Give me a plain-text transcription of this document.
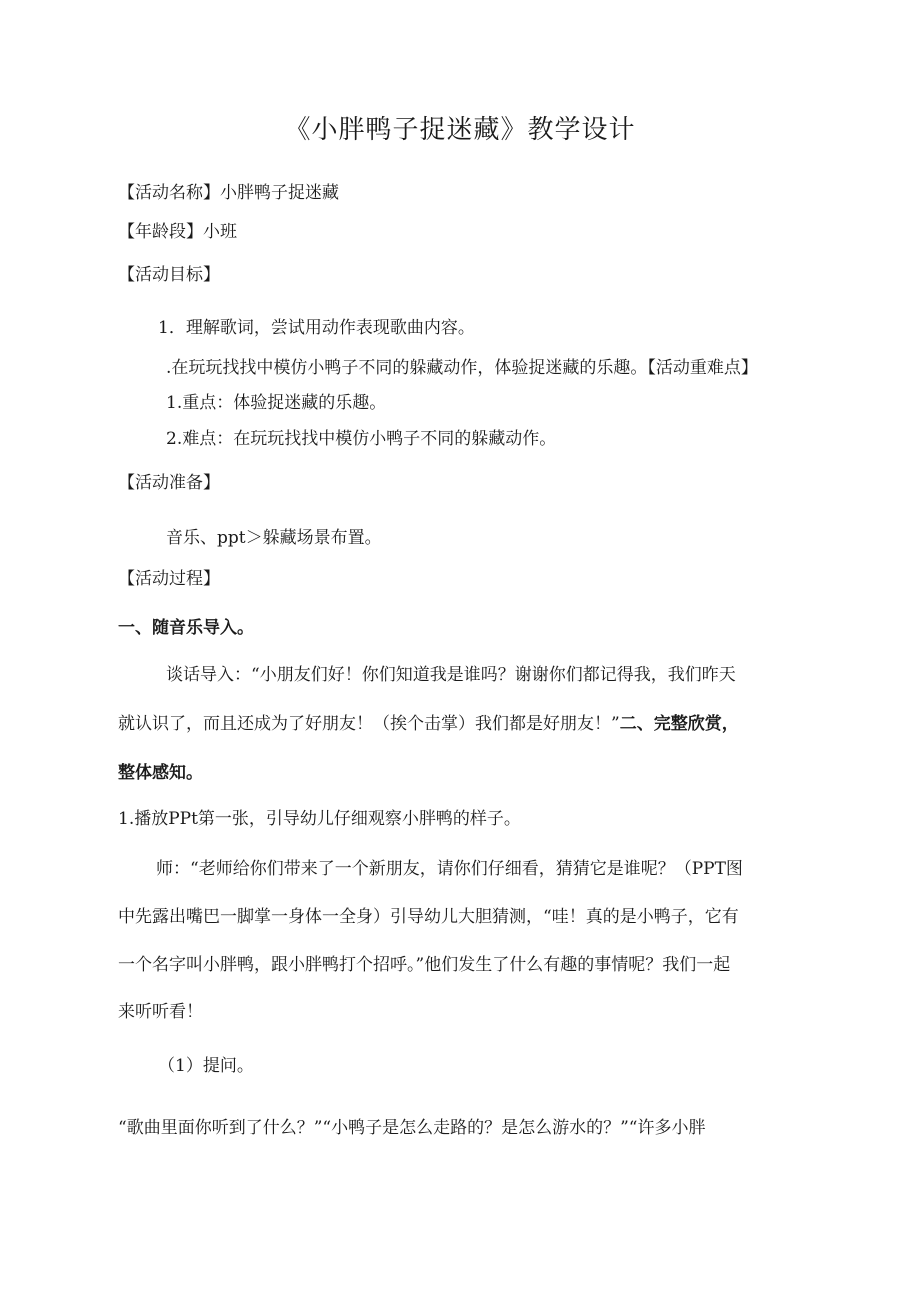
《小胖鸭子捉迷藏》教学设计
【活动名称】小胖鸭子捉迷藏
【年龄段】小班
【活动目标】
1．理解歌词，尝试用动作表现歌曲内容。
.在玩玩找找中模仿小鸭子不同的躲藏动作，体验捉迷藏的乐趣。【活动重难点】
1.重点：体验捉迷藏的乐趣。
2.难点：在玩玩找找中模仿小鸭子不同的躲藏动作。
【活动准备】
音乐、ppt＞躲藏场景布置。
【活动过程】
一、随音乐导入。
谈话导入：“小朋友们好！你们知道我是谁吗？谢谢你们都记得我，我们昨天
就认识了，而且还成为了好朋友！（挨个击掌）我们都是好朋友！”二、完整欣赏，
整体感知。
1.播放PPt第一张，引导幼儿仔细观察小胖鸭的样子。
师：“老师给你们带来了一个新朋友，请你们仔细看，猜猜它是谁呢？（PPT图
中先露出嘴巴一脚掌一身体一全身）引导幼儿大胆猜测，“哇！真的是小鸭子，它有
一个名字叫小胖鸭，跟小胖鸭打个招呼。”他们发生了什么有趣的事情呢？我们一起
来听听看！
（1）提问。
“歌曲里面你听到了什么？”“小鸭子是怎么走路的？是怎么游水的？”“许多小胖
